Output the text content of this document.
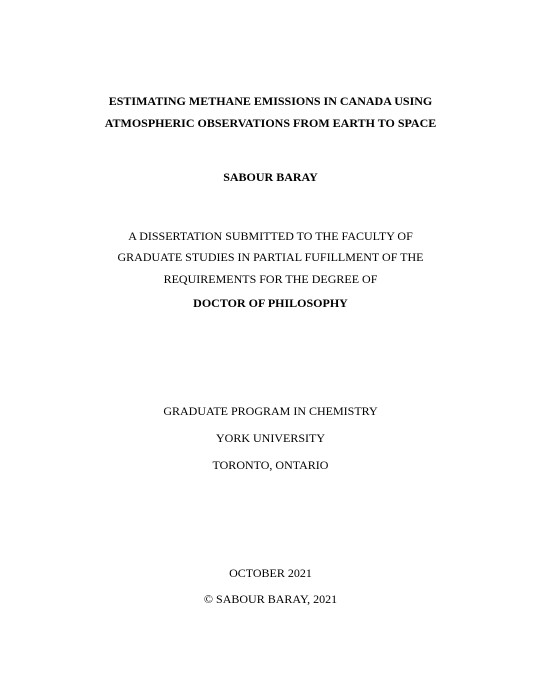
ESTIMATING METHANE EMISSIONS IN CANADA USING
ATMOSPHERIC OBSERVATIONS FROM EARTH TO SPACE
SABOUR BARAY
A DISSERTATION SUBMITTED TO THE FACULTY OF
GRADUATE STUDIES IN PARTIAL FUFILLMENT OF THE
REQUIREMENTS FOR THE DEGREE OF
DOCTOR OF PHILOSOPHY
GRADUATE PROGRAM IN CHEMISTRY
YORK UNIVERSITY
TORONTO, ONTARIO
OCTOBER 2021
© SABOUR BARAY, 2021
